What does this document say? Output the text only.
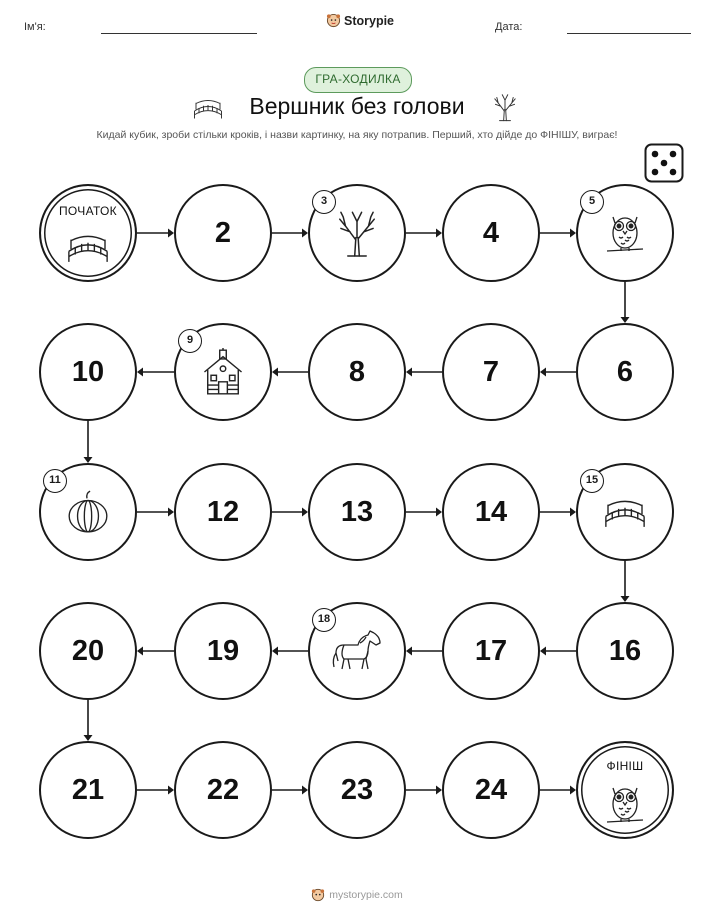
Ім'я:	Storypie	Дата:
ГРА-ХОДИЛКА
Вершник без голови
Кидай кубик, зроби стільки кроків, і назви картинку, на яку потрапив. Перший, хто дійде до ФІНІШУ, виграє!
ПОЧАТОК
2
3
4
5
6
7
8
9
10
11
12	13	14
15
16
17
18
19
20
21	22	23	24
ФІНІШ
mystorypie.com
